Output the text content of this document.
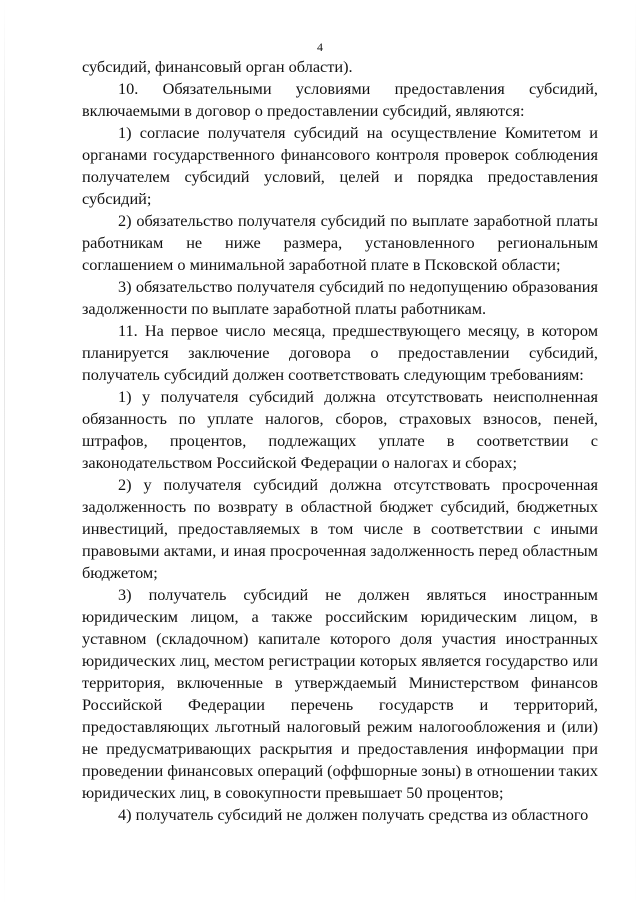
4

субсидий, финансовый орган области).

10. Обязательными условиями предоставления субсидий, включаемыми в договор о предоставлении субсидий, являются:

1) согласие получателя субсидий на осуществление Комитетом и органами государственного финансового контроля проверок соблюдения получателем субсидий условий, целей и порядка предоставления субсидий;

2) обязательство получателя субсидий по выплате заработной платы работникам не ниже размера, установленного региональным соглашением о минимальной заработной плате в Псковской области;

3) обязательство получателя субсидий по недопущению образования задолженности по выплате заработной платы работникам.

11. На первое число месяца, предшествующего месяцу, в котором планируется заключение договора о предоставлении субсидий, получатель субсидий должен соответствовать следующим требованиям:

1) у получателя субсидий должна отсутствовать неисполненная обязанность по уплате налогов, сборов, страховых взносов, пеней, штрафов, процентов, подлежащих уплате в соответствии с законодательством Российской Федерации о налогах и сборах;

2) у получателя субсидий должна отсутствовать просроченная задолженность по возврату в областной бюджет субсидий, бюджетных инвестиций, предоставляемых в том числе в соответствии с иными правовыми актами, и иная просроченная задолженность перед областным бюджетом;

3) получатель субсидий не должен являться иностранным юридическим лицом, а также российским юридическим лицом, в уставном (складочном) капитале которого доля участия иностранных юридических лиц, местом регистрации которых является государство или территория, включенные в утверждаемый Министерством финансов Российской Федерации перечень государств и территорий, предоставляющих льготный налоговый режим налогообложения и (или) не предусматривающих раскрытия и предоставления информации при проведении финансовых операций (оффшорные зоны) в отношении таких юридических лиц, в совокупности превышает 50 процентов;

4) получатель субсидий не должен получать средства из областного
